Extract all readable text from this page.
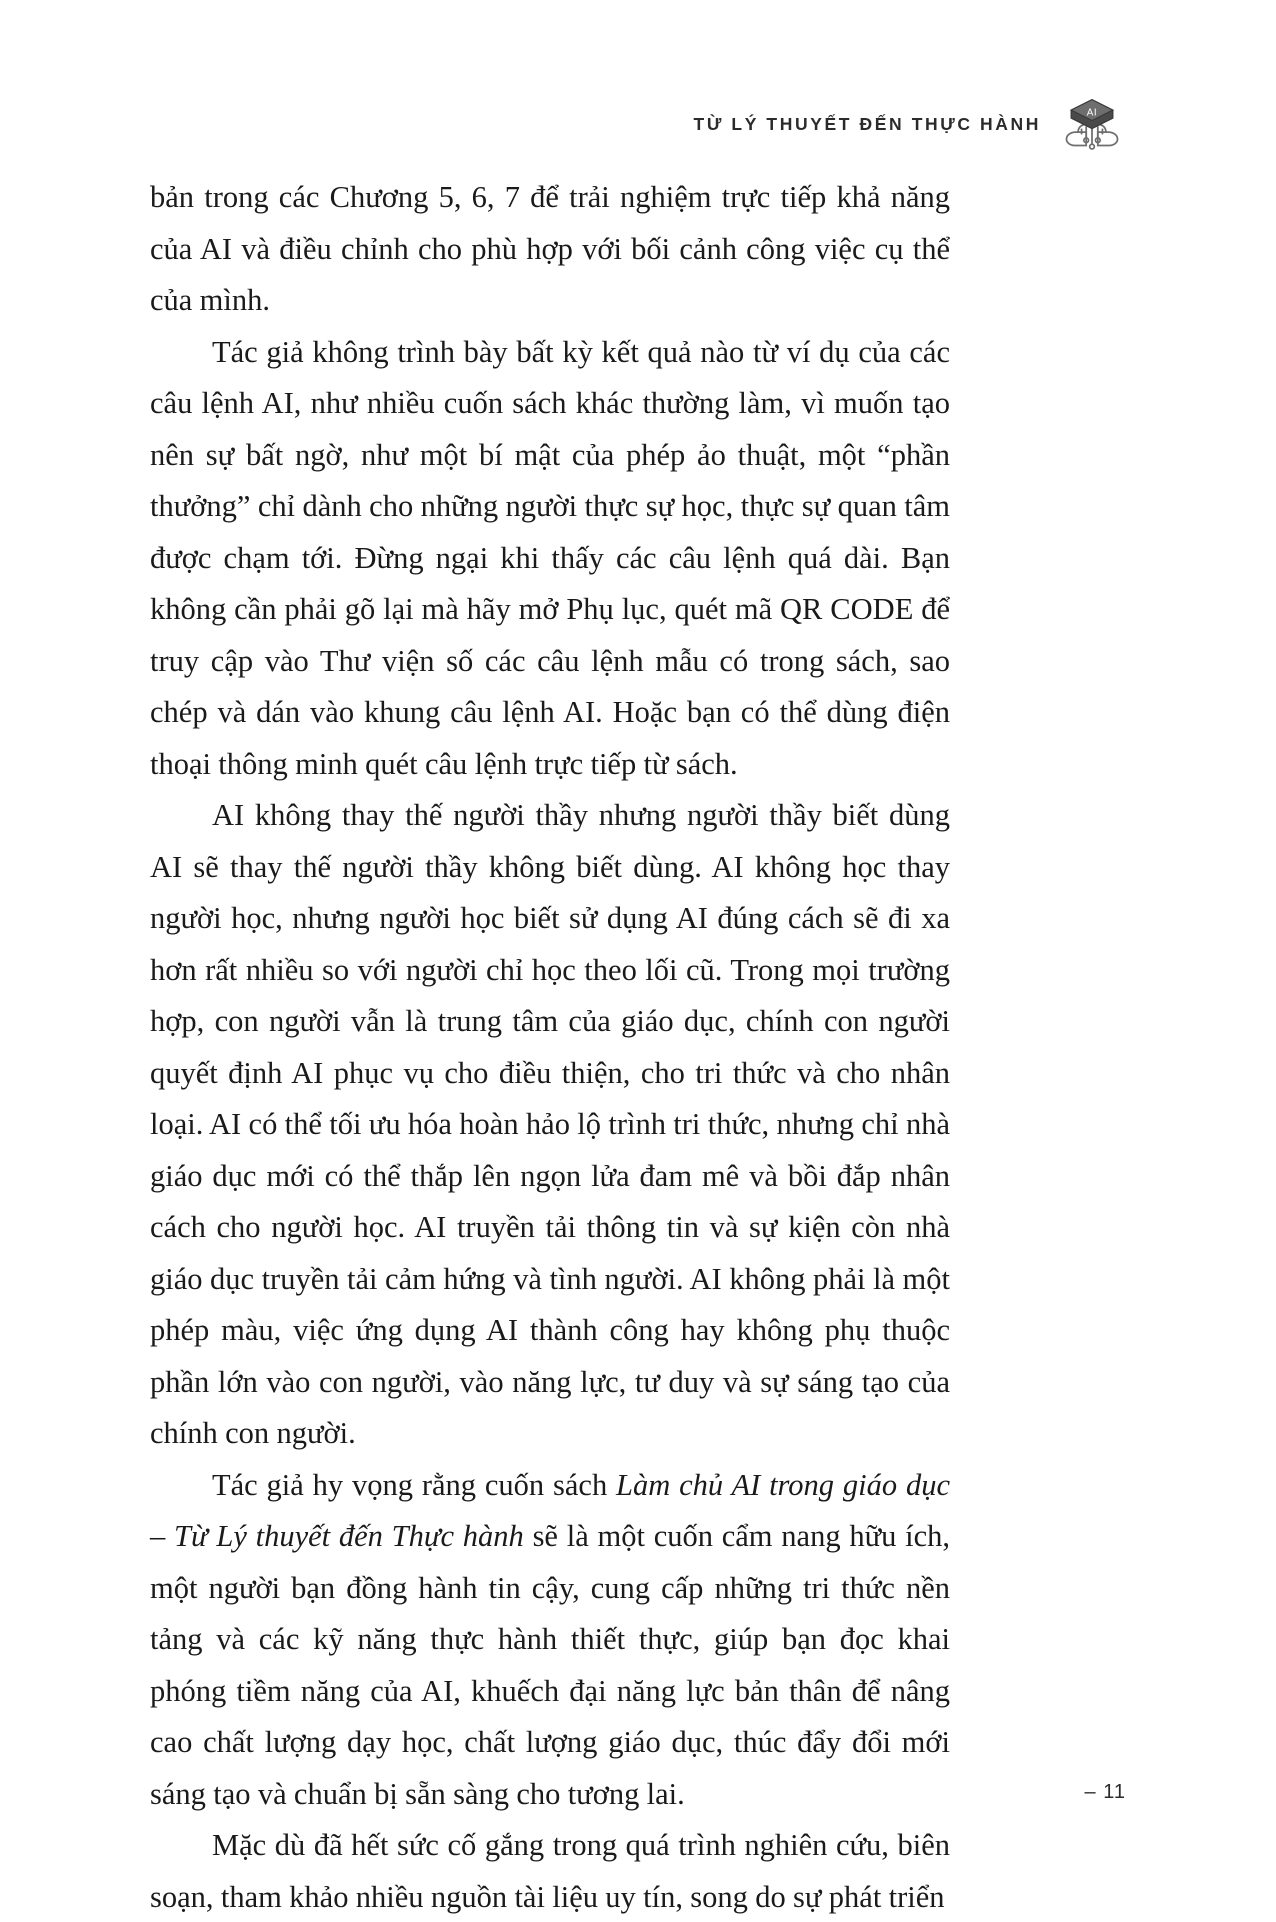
TỪ LÝ THUYẾT ĐẾN THỰC HÀNH
AI

bản trong các Chương 5, 6, 7 để trải nghiệm trực tiếp khả năng của AI và điều chỉnh cho phù hợp với bối cảnh công việc cụ thể của mình.

Tác giả không trình bày bất kỳ kết quả nào từ ví dụ của các câu lệnh AI, như nhiều cuốn sách khác thường làm, vì muốn tạo nên sự bất ngờ, như một bí mật của phép ảo thuật, một “phần thưởng” chỉ dành cho những người thực sự học, thực sự quan tâm được chạm tới. Đừng ngại khi thấy các câu lệnh quá dài. Bạn không cần phải gõ lại mà hãy mở Phụ lục, quét mã QR CODE để truy cập vào Thư viện số các câu lệnh mẫu có trong sách, sao chép và dán vào khung câu lệnh AI. Hoặc bạn có thể dùng điện thoại thông minh quét câu lệnh trực tiếp từ sách.

AI không thay thế người thầy nhưng người thầy biết dùng AI sẽ thay thế người thầy không biết dùng. AI không học thay người học, nhưng người học biết sử dụng AI đúng cách sẽ đi xa hơn rất nhiều so với người chỉ học theo lối cũ. Trong mọi trường hợp, con người vẫn là trung tâm của giáo dục, chính con người quyết định AI phục vụ cho điều thiện, cho tri thức và cho nhân loại. AI có thể tối ưu hóa hoàn hảo lộ trình tri thức, nhưng chỉ nhà giáo dục mới có thể thắp lên ngọn lửa đam mê và bồi đắp nhân cách cho người học. AI truyền tải thông tin và sự kiện còn nhà giáo dục truyền tải cảm hứng và tình người. AI không phải là một phép màu, việc ứng dụng AI thành công hay không phụ thuộc phần lớn vào con người, vào năng lực, tư duy và sự sáng tạo của chính con người.

Tác giả hy vọng rằng cuốn sách Làm chủ AI trong giáo dục – Từ Lý thuyết đến Thực hành sẽ là một cuốn cẩm nang hữu ích, một người bạn đồng hành tin cậy, cung cấp những tri thức nền tảng và các kỹ năng thực hành thiết thực, giúp bạn đọc khai phóng tiềm năng của AI, khuếch đại năng lực bản thân để nâng cao chất lượng dạy học, chất lượng giáo dục, thúc đẩy đổi mới sáng tạo và chuẩn bị sẵn sàng cho tương lai.

Mặc dù đã hết sức cố gắng trong quá trình nghiên cứu, biên soạn, tham khảo nhiều nguồn tài liệu uy tín, song do sự phát triển

– 11
